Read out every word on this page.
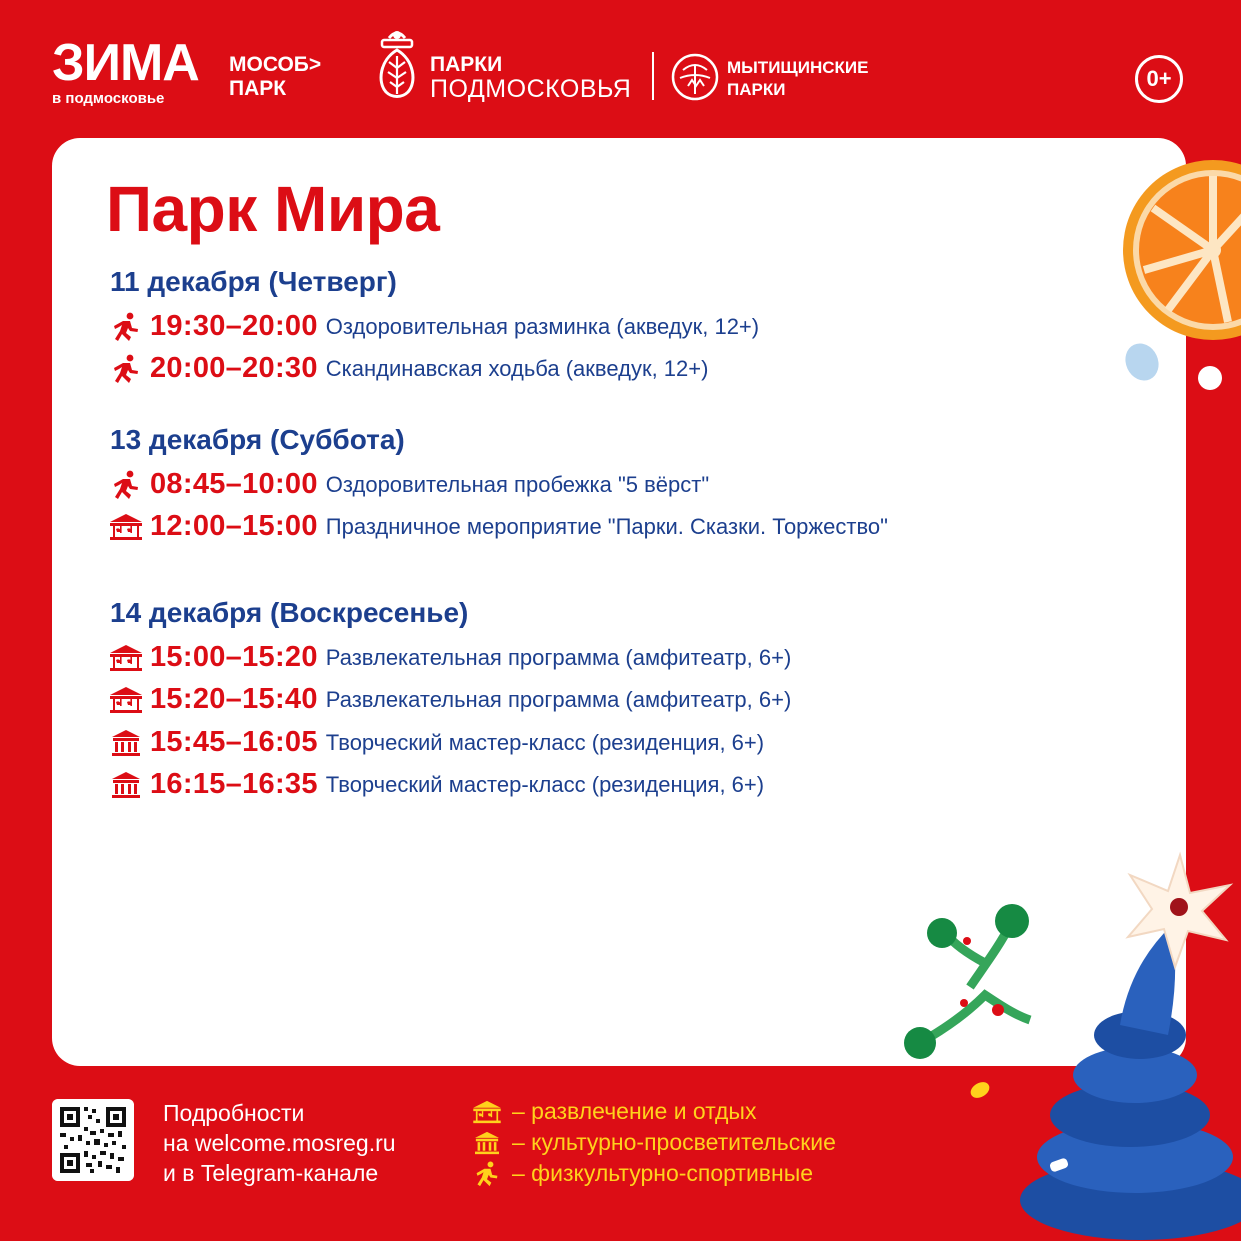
ЗИМА
в подмосковье
МОСОБ>
ПАРК
ПАРКИ
ПОДМОСКОВЬЯ
МЫТИЩИНСКИЕ
ПАРКИ	0+
Парк Мира
11 декабря (Четверг)
19:30–20:00 Оздоровительная разминка (акведук, 12+)
20:00–20:30 Скандинавская ходьба (акведук, 12+)
13 декабря (Суббота)
08:45–10:00 Оздоровительная пробежка "5 вёрст"
12:00–15:00 Праздничное мероприятие "Парки. Сказки. Торжество"
14 декабря (Воскресенье)
15:00–15:20 Развлекательная программа (амфитеатр, 6+)
15:20–15:40 Развлекательная программа (амфитеатр, 6+)
15:45–16:05 Творческий мастер-класс (резиденция, 6+)
16:15–16:35 Творческий мастер-класс (резиденция, 6+)
Подробности
на welcome.mosreg.ru
и в Telegram-канале
– развлечение и отдых
– культурно-просветительские
– физкультурно-спортивные
